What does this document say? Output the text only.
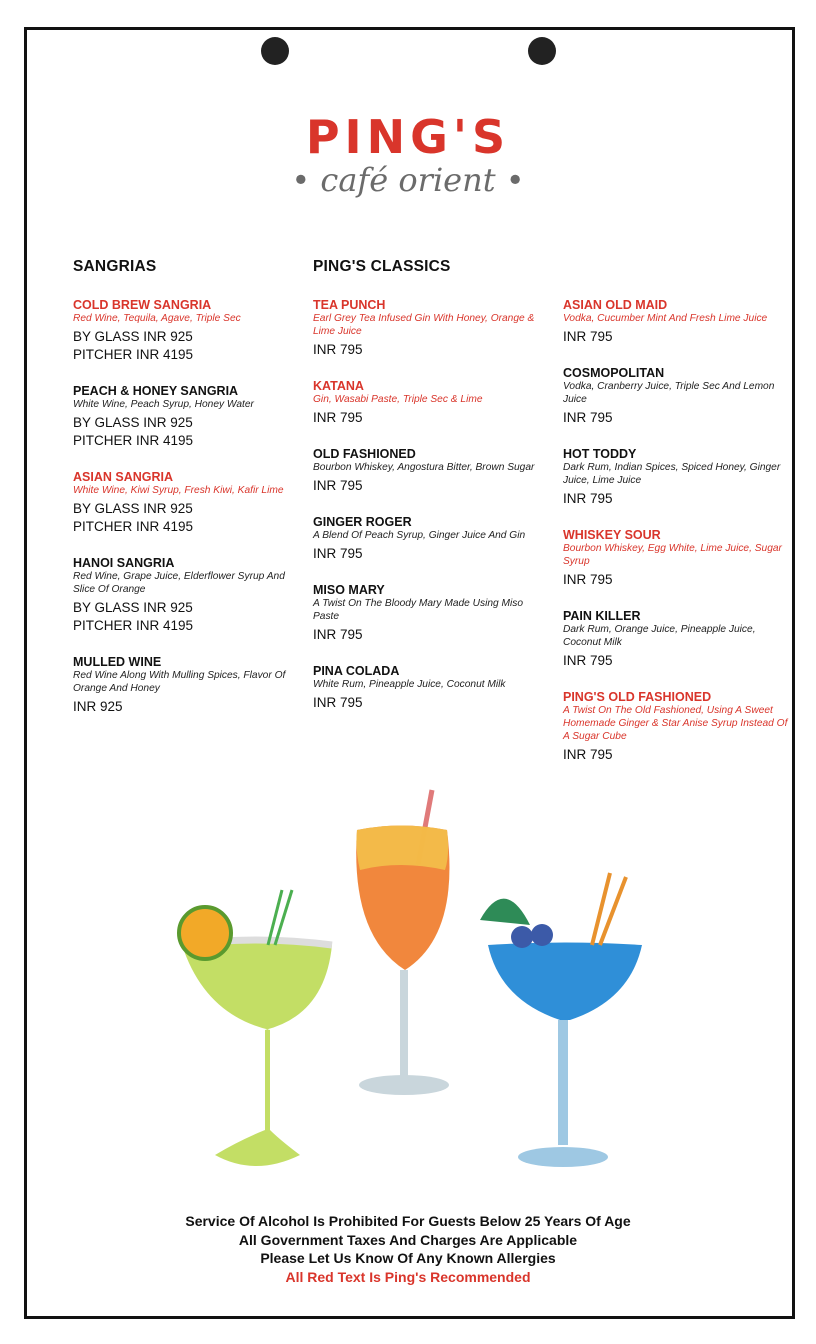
PING'S
• café orient •
SANGRIAS
COLD BREW SANGRIA
Red Wine, Tequila, Agave, Triple Sec
BY GLASS INR 925
PITCHER INR 4195
PEACH & HONEY SANGRIA
White Wine, Peach Syrup, Honey Water
BY GLASS INR 925
PITCHER INR 4195
ASIAN SANGRIA
White Wine, Kiwi Syrup, Fresh Kiwi, Kafir Lime
BY GLASS INR 925
PITCHER INR 4195
HANOI SANGRIA
Red Wine, Grape Juice, Elderflower Syrup And Slice Of Orange
BY GLASS INR 925
PITCHER INR 4195
MULLED WINE
Red Wine Along With Mulling Spices, Flavor Of Orange And Honey
INR 925
PING'S CLASSICS
TEA PUNCH
Earl Grey Tea Infused Gin With Honey, Orange & Lime Juice
INR 795
KATANA
Gin, Wasabi Paste, Triple Sec & Lime
INR 795
OLD FASHIONED
Bourbon Whiskey, Angostura Bitter, Brown Sugar
INR 795
GINGER ROGER
A Blend Of Peach Syrup, Ginger Juice And Gin
INR 795
MISO MARY
A Twist On The Bloody Mary Made Using Miso Paste
INR 795
PINA COLADA
White Rum, Pineapple Juice, Coconut Milk
INR 795
ASIAN OLD MAID
Vodka, Cucumber Mint And Fresh Lime Juice
INR 795
COSMOPOLITAN
Vodka, Cranberry Juice, Triple Sec And Lemon Juice
INR 795
HOT TODDY
Dark Rum, Indian Spices, Spiced Honey, Ginger Juice, Lime Juice
INR 795
WHISKEY SOUR
Bourbon Whiskey, Egg White, Lime Juice, Sugar Syrup
INR 795
PAIN KILLER
Dark Rum, Orange Juice, Pineapple Juice, Coconut Milk
INR 795
PING'S OLD FASHIONED
A Twist On The Old Fashioned, Using A Sweet Homemade Ginger & Star Anise Syrup Instead Of A Sugar Cube
INR 795
Service Of Alcohol Is Prohibited For Guests Below 25 Years Of Age
All Government Taxes And Charges Are Applicable
Please Let Us Know Of Any Known Allergies
All Red Text Is Ping's Recommended
